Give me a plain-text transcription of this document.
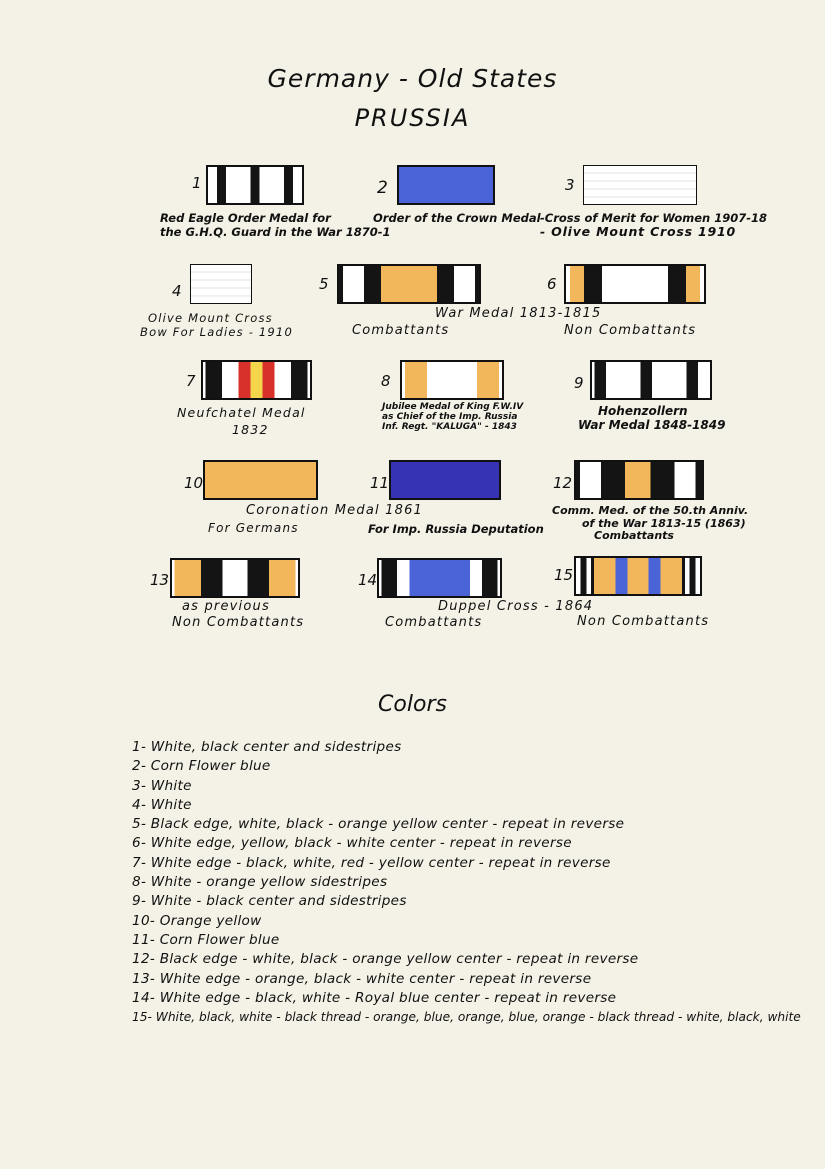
Germany - Old States
PRUSSIA
1
Red Eagle Order Medal for
the G.H.Q. Guard in the War 1870-1
2
Order of the Crown Medal
3
-Cross of Merit for Women 1907-18
- Olive Mount Cross 1910
4
Olive Mount Cross
Bow For Ladies - 1910
5	6
War Medal 1813-1815
Combattants	Non Combattants
7
Neufchatel Medal
1832
8
Jubilee Medal of King F.W.IV
as Chief of the Imp. Russia
Inf. Regt. "KALUGA" - 1843
9
Hohenzollern
War Medal 1848-1849
10	11	12
Coronation Medal 1861
For Germans	For Imp. Russia Deputation
Comm. Med. of the 50.th Anniv.
of the War 1813-15 (1863)
Combattants
13
as previous
Non Combattants
14	15
Duppel Cross - 1864
Combattants	Non Combattants
Colors
1- White, black center and sidestripes
2- Corn Flower blue
3- White
4- White
5- Black edge, white, black - orange yellow center - repeat in reverse
6- White edge, yellow, black - white center - repeat in reverse
7- White edge - black, white, red - yellow center - repeat in reverse
8- White - orange yellow sidestripes
9- White - black center and sidestripes
10- Orange yellow
11- Corn Flower blue
12- Black edge - white, black - orange yellow center - repeat in reverse
13- White edge - orange, black - white center - repeat in reverse
14- White edge - black, white - Royal blue center - repeat in reverse
15- White, black, white - black thread - orange, blue, orange, blue, orange - black thread - white, black, white
